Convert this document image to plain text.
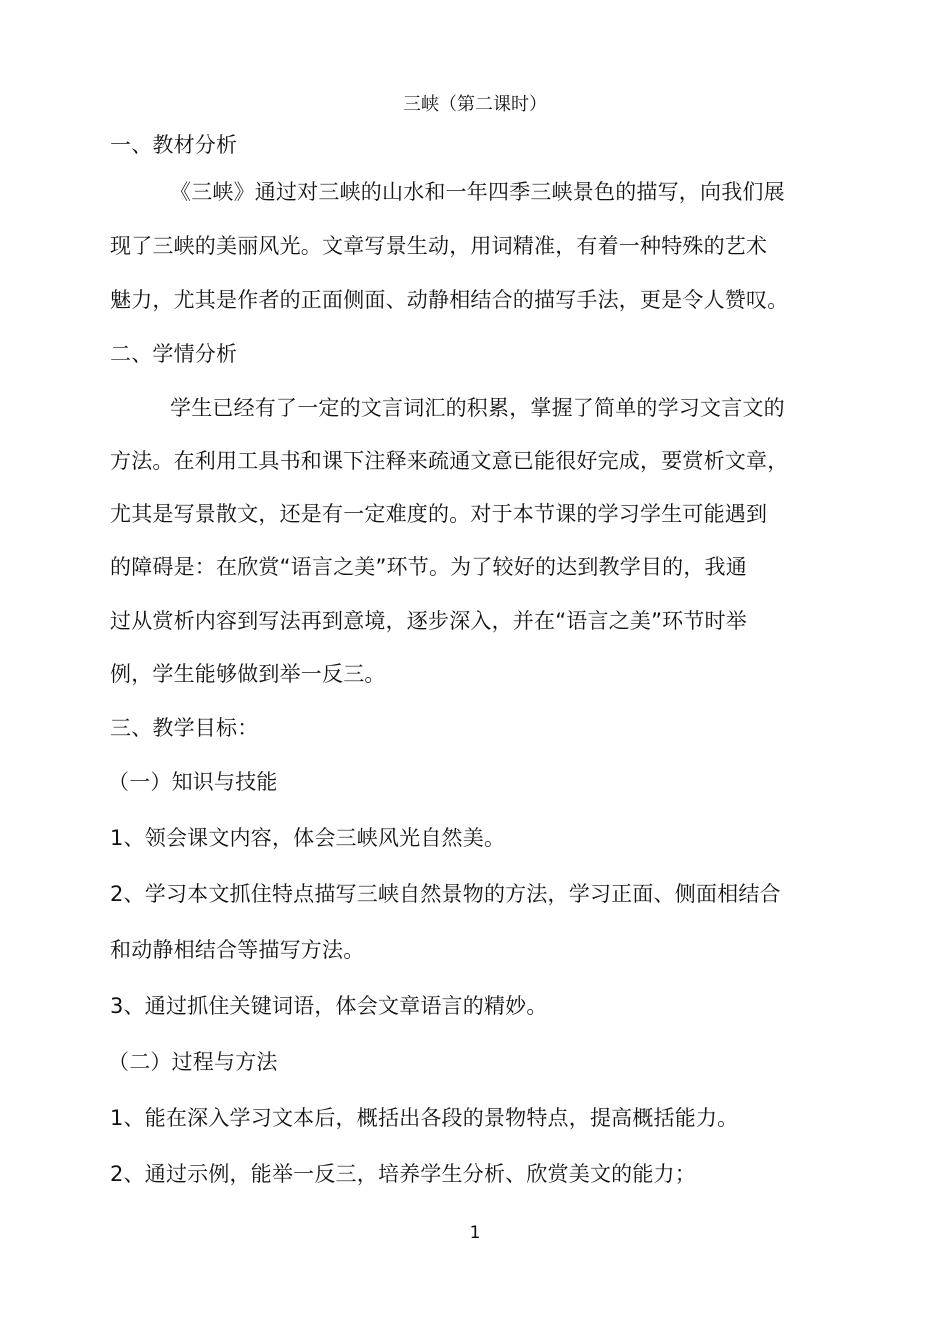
三峡（第二课时）
一、教材分析
《三峡》通过对三峡的山水和一年四季三峡景色的描写，向我们展
现了三峡的美丽风光。文章写景生动，用词精准，有着一种特殊的艺术
魅力，尤其是作者的正面侧面、动静相结合的描写手法，更是令人赞叹。
二、学情分析
学生已经有了一定的文言词汇的积累，掌握了简单的学习文言文的
方法。在利用工具书和课下注释来疏通文意已能很好完成，要赏析文章，
尤其是写景散文，还是有一定难度的。对于本节课的学习学生可能遇到
的障碍是：在欣赏“语言之美”环节。为了较好的达到教学目的，我通
过从赏析内容到写法再到意境，逐步深入，并在“语言之美”环节时举
例，学生能够做到举一反三。
三、教学目标：
（一）知识与技能
1、领会课文内容，体会三峡风光自然美。
2、学习本文抓住特点描写三峡自然景物的方法，学习正面、侧面相结合
和动静相结合等描写方法。
3、通过抓住关键词语，体会文章语言的精妙。
（二）过程与方法
1、能在深入学习文本后，概括出各段的景物特点，提高概括能力。
2、通过示例，能举一反三，培养学生分析、欣赏美文的能力；
1
